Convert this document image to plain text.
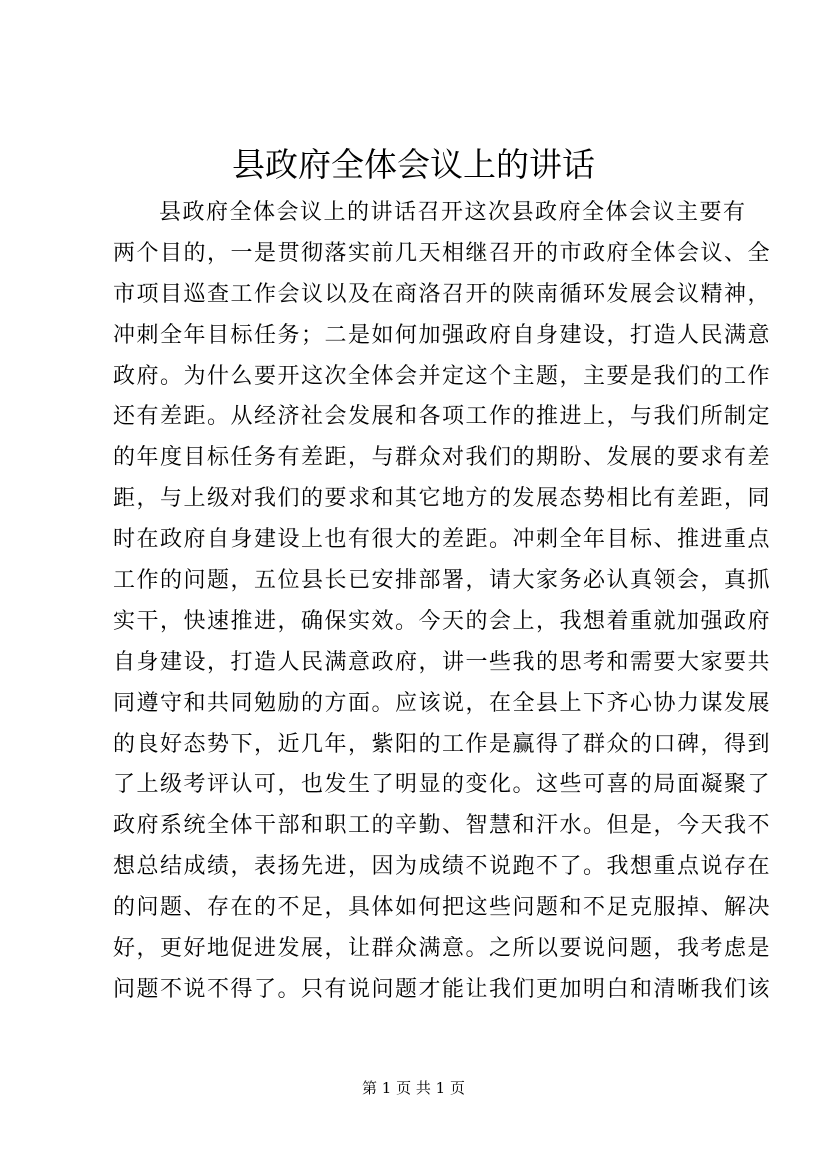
县政府全体会议上的讲话
县政府全体会议上的讲话召开这次县政府全体会议主要有
两个目的，一是贯彻落实前几天相继召开的市政府全体会议、全
市项目巡查工作会议以及在商洛召开的陕南循环发展会议精神，
冲刺全年目标任务；二是如何加强政府自身建设，打造人民满意
政府。为什么要开这次全体会并定这个主题，主要是我们的工作
还有差距。从经济社会发展和各项工作的推进上，与我们所制定
的年度目标任务有差距，与群众对我们的期盼、发展的要求有差
距，与上级对我们的要求和其它地方的发展态势相比有差距，同
时在政府自身建设上也有很大的差距。冲刺全年目标、推进重点
工作的问题，五位县长已安排部署，请大家务必认真领会，真抓
实干，快速推进，确保实效。今天的会上，我想着重就加强政府
自身建设，打造人民满意政府，讲一些我的思考和需要大家要共
同遵守和共同勉励的方面。应该说，在全县上下齐心协力谋发展
的良好态势下，近几年，紫阳的工作是赢得了群众的口碑，得到
了上级考评认可，也发生了明显的变化。这些可喜的局面凝聚了
政府系统全体干部和职工的辛勤、智慧和汗水。但是，今天我不
想总结成绩，表扬先进，因为成绩不说跑不了。我想重点说存在
的问题、存在的不足，具体如何把这些问题和不足克服掉、解决
好，更好地促进发展，让群众满意。之所以要说问题，我考虑是
问题不说不得了。只有说问题才能让我们更加明白和清晰我们该
第 1 页 共 1 页
